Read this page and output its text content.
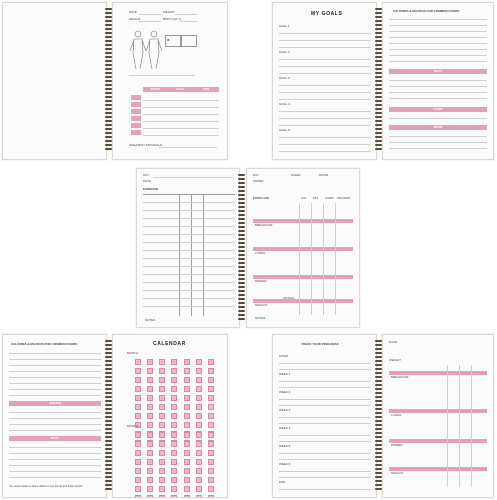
DATE	WEIGHT
HEIGHT	BODY FAT %
✖
START	GOAL	END
GREATEST STRUGGLE
MY GOALS
GOAL 1
GOAL 2
GOAL 3
GOAL 4
GOAL 5
CALORIES & MACROS FOR COMMON FOODS
MEAT
DAIRY
FRUIT
DAY
DATE
EXERCISE
NOTES
DAY
WATER
SLEEP	MOOD
FOOD LOG	CAL FAT CARB PROTEIN
BREAKFAST
LUNCH
DINNER
SNACKS
TOTALS
NOTES
CALORIES & MACROS FOR COMMON FOODS
GRAINS
NUTS
You need create a calorie deficit to lose the fat and build muscle.
CALENDAR
MONTH
MONTH
TRACK YOUR PROGRESS
START
WEEK 1
WEEK 2
WEEK 3
WEEK 4
WEEK 5
WEEK 6
END
DATE
WEIGHT
BREAKFAST
LUNCH
DINNER
SNACKS
